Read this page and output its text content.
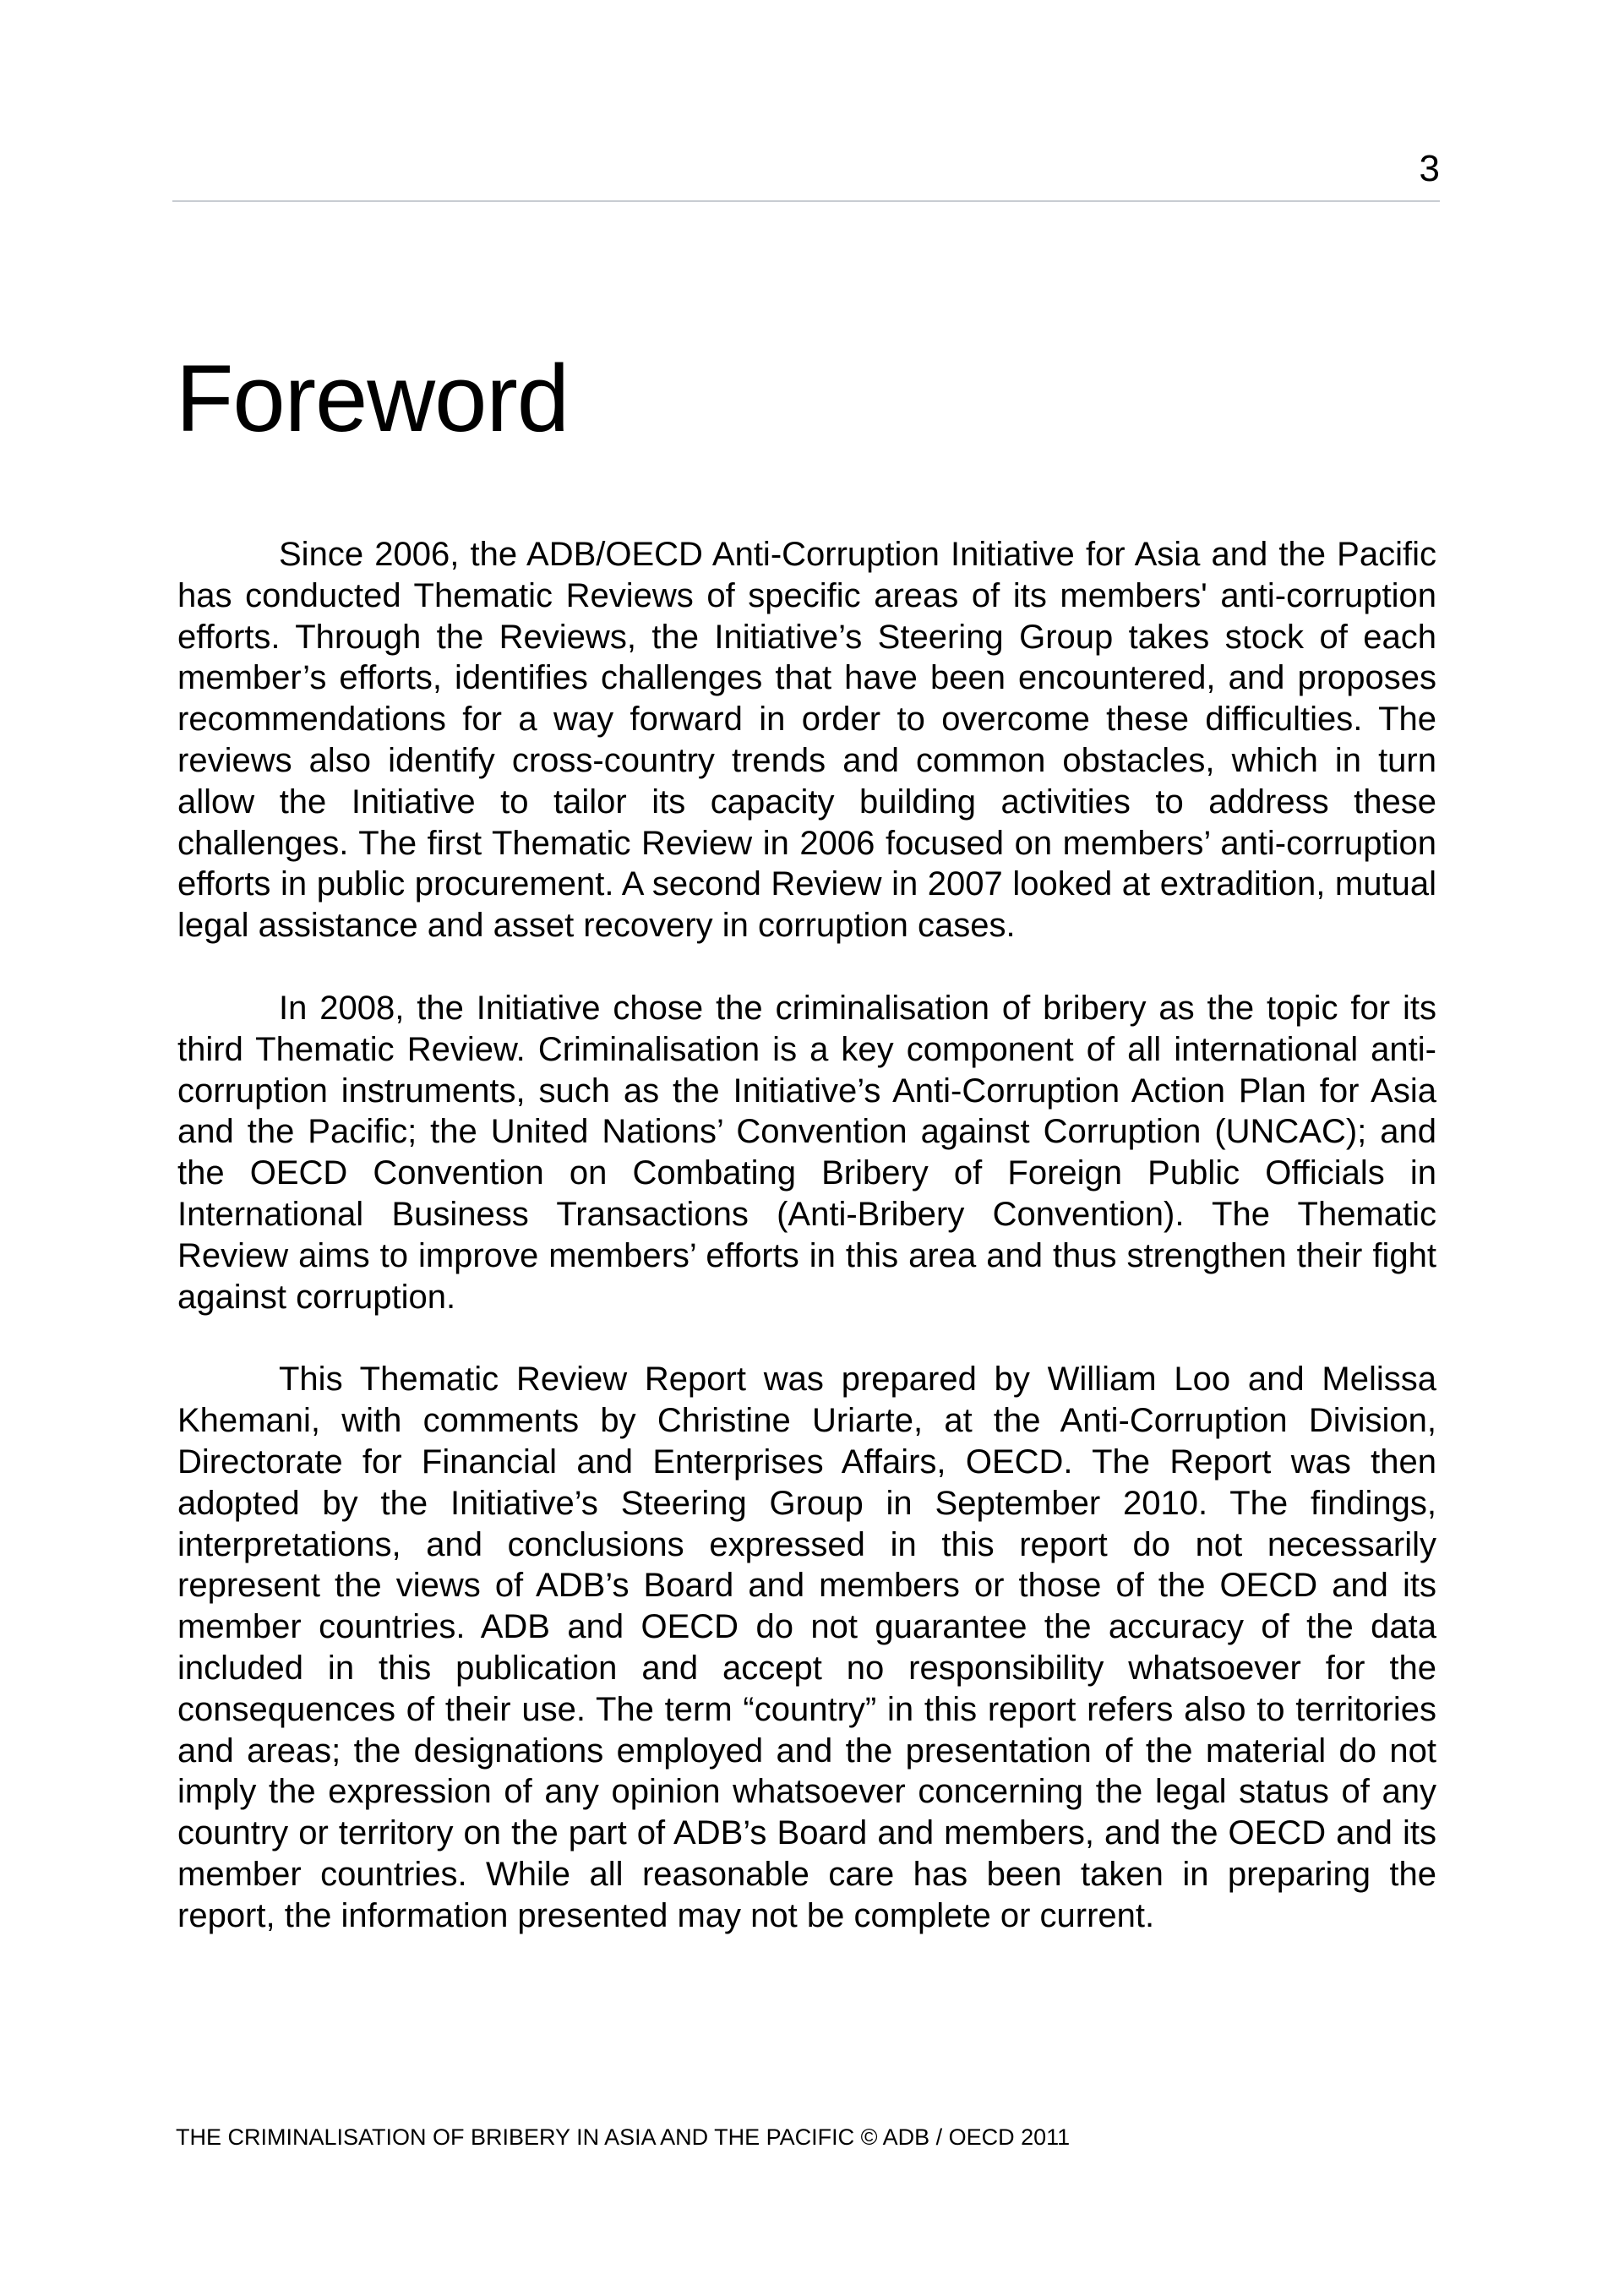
3
Foreword

Since 2006, the ADB/OECD Anti-Corruption Initiative for Asia and the Pacific has conducted Thematic Reviews of specific areas of its members' anti-corruption efforts. Through the Reviews, the Initiative’s Steering Group takes stock of each member’s efforts, identifies challenges that have been encountered, and proposes recommendations for a way forward in order to overcome these difficulties. The reviews also identify cross-country trends and common obstacles, which in turn allow the Initiative to tailor its capacity building activities to address these challenges. The first Thematic Review in 2006 focused on members’ anti-corruption efforts in public procurement. A second Review in 2007 looked at extradition, mutual legal assistance and asset recovery in corruption cases.

In 2008, the Initiative chose the criminalisation of bribery as the topic for its third Thematic Review. Criminalisation is a key component of all international anti-corruption instruments, such as the Initiative’s Anti-Corruption Action Plan for Asia and the Pacific; the United Nations’ Convention against Corruption (UNCAC); and the OECD Convention on Combating Bribery of Foreign Public Officials in International Business Transactions (Anti-Bribery Convention). The Thematic Review aims to improve members’ efforts in this area and thus strengthen their fight against corruption.

This Thematic Review Report was prepared by William Loo and Melissa Khemani, with comments by Christine Uriarte, at the Anti-Corruption Division, Directorate for Financial and Enterprises Affairs, OECD. The Report was then adopted by the Initiative’s Steering Group in September 2010. The findings, interpretations, and conclusions expressed in this report do not necessarily represent the views of ADB’s Board and members or those of the OECD and its member countries. ADB and OECD do not guarantee the accuracy of the data included in this publication and accept no responsibility whatsoever for the consequences of their use. The term “country” in this report refers also to territories and areas; the designations employed and the presentation of the material do not imply the expression of any opinion whatsoever concerning the legal status of any country or territory on the part of ADB’s Board and members, and the OECD and its member countries. While all reasonable care has been taken in preparing the report, the information presented may not be complete or current.

THE CRIMINALISATION OF BRIBERY IN ASIA AND THE PACIFIC © ADB / OECD 2011
